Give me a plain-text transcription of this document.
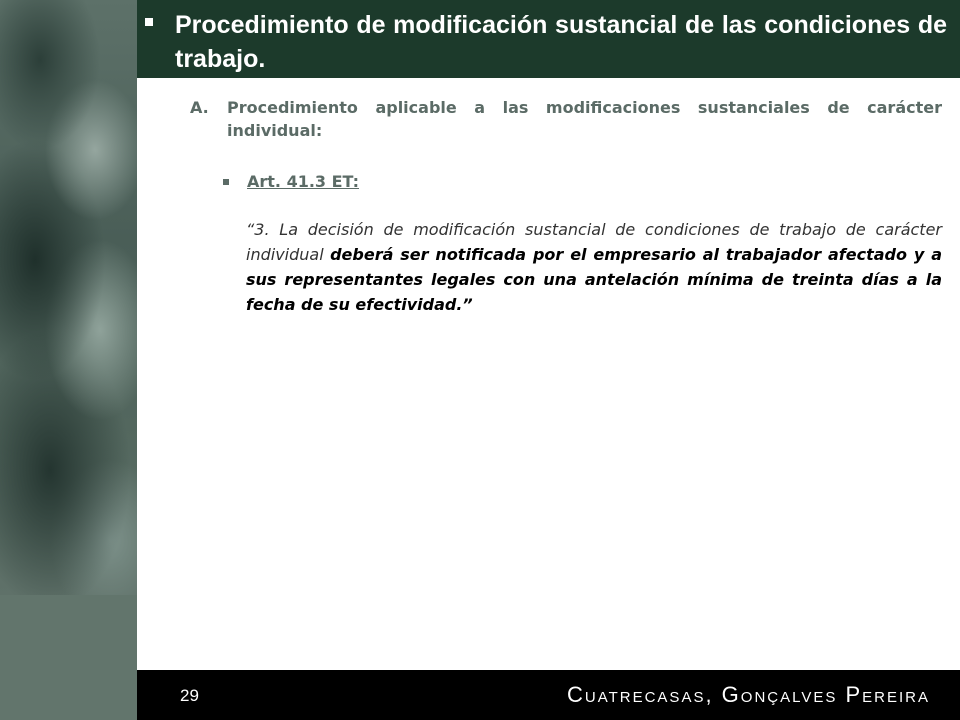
Procedimiento de modificación sustancial de las condiciones de trabajo.
A.	Procedimiento aplicable a las modificaciones sustanciales de carácter individual:

Art. 41.3 ET:

“3. La decisión de modificación sustancial de condiciones de trabajo de carácter individual deberá ser notificada por el empresario al trabajador afectado y a sus representantes legales con una antelación mínima de treinta días a la fecha de su efectividad.”

29	Cuatrecasas, Gonçalves Pereira
